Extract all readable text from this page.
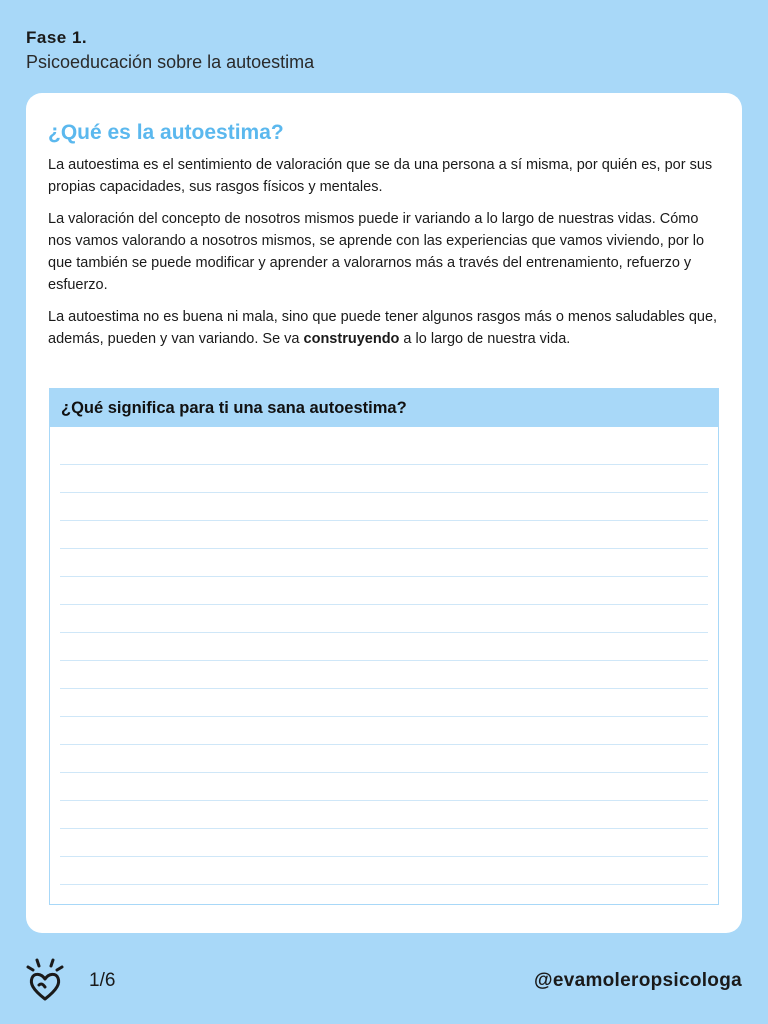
Fase 1.

Psicoeducación sobre la autoestima

¿Qué es la autoestima?

La autoestima es el sentimiento de valoración que se da una persona a sí misma, por quién es, por sus propias capacidades, sus rasgos físicos y mentales.

La valoración del concepto de nosotros mismos puede ir variando a lo largo de nuestras vidas. Cómo nos vamos valorando a nosotros mismos, se aprende con las experiencias que vamos viviendo, por lo que también se puede modificar y aprender a valorarnos más a través del entrenamiento, refuerzo y esfuerzo.

La autoestima no es buena ni mala, sino que puede tener algunos rasgos más o menos saludables que, además, pueden y van variando. Se va construyendo a lo largo de nuestra vida.

¿Qué significa para ti una sana autoestima?
1/6	@evamoleropsicologa
